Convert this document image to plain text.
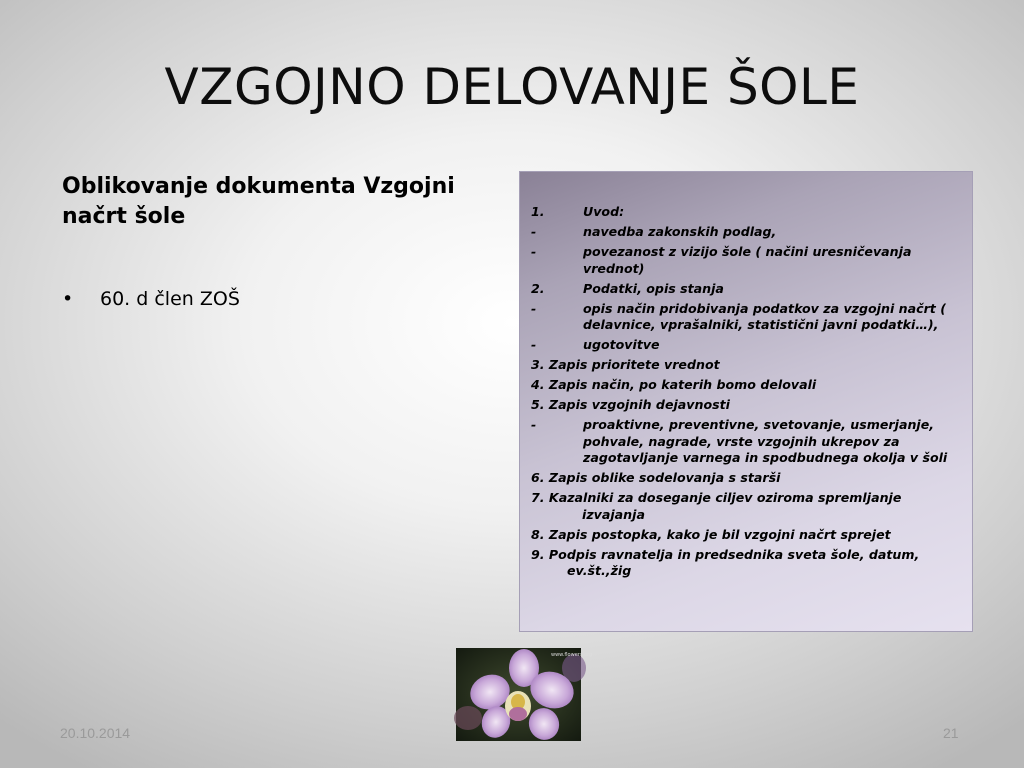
VZGOJNO DELOVANJE ŠOLE
Oblikovanje dokumenta Vzgojni načrt šole
•	60. d člen ZOŠ
1.	Uvod:
-	navedba zakonskih podlag,
-	povezanost z vizijo šole ( načini uresničevanja vrednot)
2.	Podatki, opis stanja
-	opis način pridobivanja podatkov za vzgojni načrt ( delavnice, vprašalniki, statistični javni podatki…),
-	ugotovitve
3. Zapis prioritete vrednot
4. Zapis način, po katerih bomo delovali
5. Zapis vzgojnih dejavnosti
-	proaktivne, preventivne, svetovanje, usmerjanje, pohvale, nagrade, vrste vzgojnih ukrepov za zagotavljanje varnega in spodbudnega okolja v šoli
6. Zapis oblike sodelovanja s starši
7. Kazalniki za doseganje ciljev oziroma spremljanje izvajanja
8. Zapis postopka, kako je bil vzgojni načrt sprejet
9. Podpis ravnatelja in predsednika sveta šole, datum, ev.št.,žig
www.flowers.org
20.10.2014	21
